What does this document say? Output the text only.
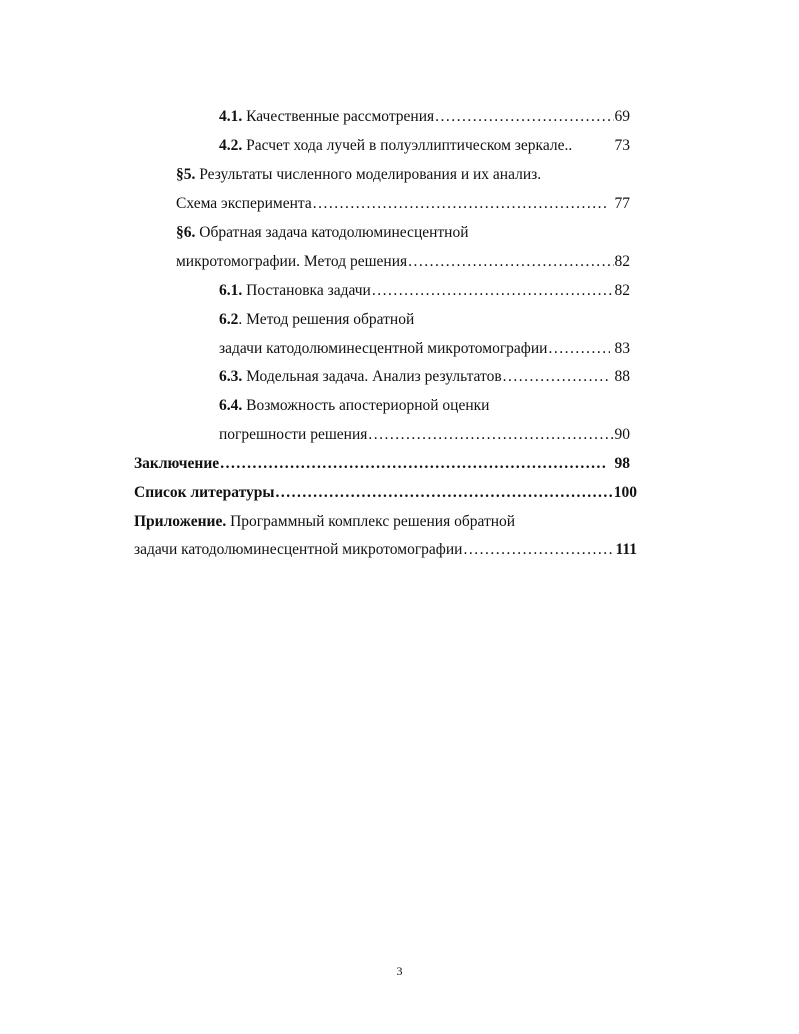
4.1. Качественные рассмотрения .....	69
4.2. Расчет хода лучей в полуэллиптическом зеркале..	73
§5. Результаты численного моделирования и их анализ.
Схема эксперимента .....	77
§6. Обратная задача катодолюминесцентной
микротомографии. Метод решения .....	82
6.1. Постановка задачи .....	82
6.2 . Метод решения обратной
задачи катодолюминесцентной микротомографии .....	83
6.3. Модельная задача. Анализ результатов .....	88
6.4. Возможность апостериорной оценки
погрешности решения .....	90
Заключение .....	98
Список литературы .....	100
Приложение. Программный комплекс решения обратной
задачи катодолюминесцентной микротомографии .....	111
3
